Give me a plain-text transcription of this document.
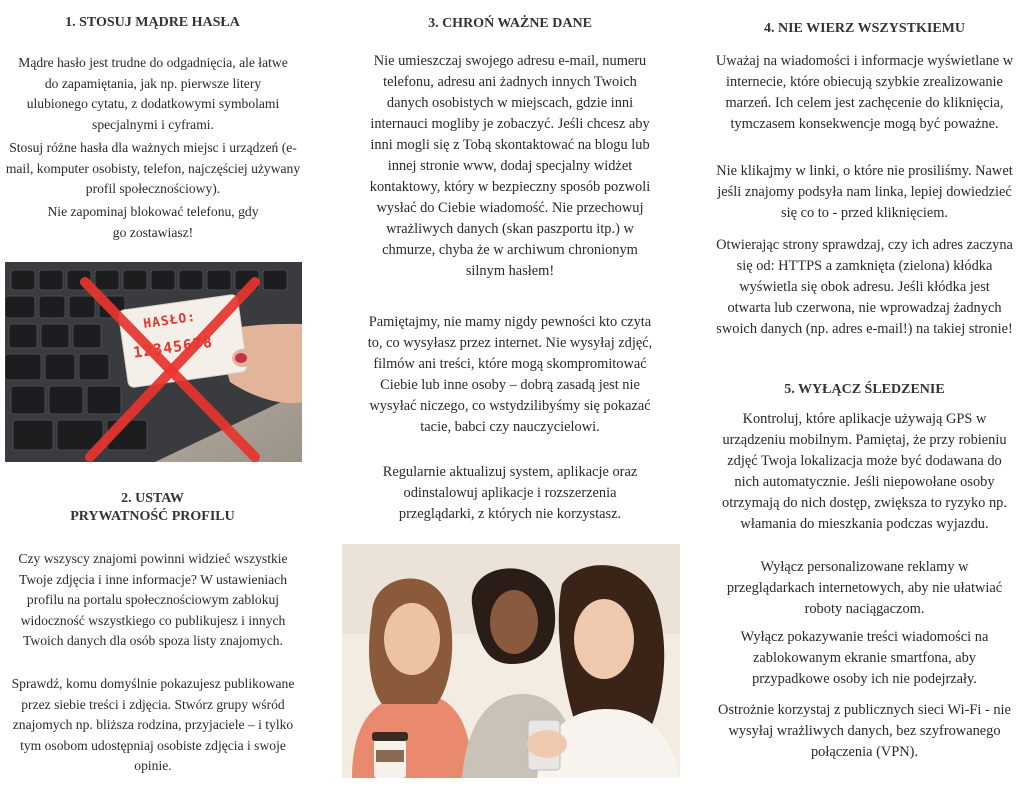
1. STOSUJ MĄDRE HASŁA

Mądre hasło jest trudne do odgadnięcia, ale łatwe do zapamiętania, jak np. pierwsze litery ulubionego cytatu, z dodatkowymi symbolami specjalnymi i cyframi.

Stosuj różne hasła dla ważnych miejsc i urządzeń (e-mail, komputer osobisty, telefon, najczęściej używany profil społecznościowy).

Nie zapominaj blokować telefonu, gdy go zostawiasz!

HASŁO:
12345678
2. USTAW
PRYWATNOŚĆ PROFILU

Czy wszyscy znajomi powinni widzieć wszystkie Twoje zdjęcia i inne informacje? W ustawieniach profilu na portalu społecznościowym zablokuj widoczność wszystkiego co publikujesz i innych Twoich danych dla osób spoza listy znajomych.

Sprawdź, komu domyślnie pokazujesz publikowane przez siebie treści i zdjęcia. Stwórz grupy wśród znajomych np. bliższa rodzina, przyjaciele – i tylko tym osobom udostępniaj osobiste zdjęcia i swoje opinie.

3. CHROŃ WAŻNE DANE

Nie umieszczaj swojego adresu e-mail, numeru telefonu, adresu ani żadnych innych Twoich danych osobistych w miejscach, gdzie inni internauci mogliby je zobaczyć. Jeśli chcesz aby inni mogli się z Tobą skontaktować na blogu lub innej stronie www, dodaj specjalny widżet kontaktowy, który w bezpieczny sposób pozwoli wysłać do Ciebie wiadomość. Nie przechowuj wrażliwych danych (skan paszportu itp.) w chmurze, chyba że w archiwum chronionym silnym hasłem!

Pamiętajmy, nie mamy nigdy pewności kto czyta to, co wysyłasz przez internet. Nie wysyłaj zdjęć, filmów ani treści, które mogą skompromitować Ciebie lub inne osoby – dobrą zasadą jest nie wysyłać niczego, co wstydzilibyśmy się pokazać tacie, babci czy nauczycielowi.

Regularnie aktualizuj system, aplikacje oraz odinstalowuj aplikacje i rozszerzenia przeglądarki, z których nie korzystasz.

4. NIE WIERZ WSZYSTKIEMU

Uważaj na wiadomości i informacje wyświetlane w internecie, które obiecują szybkie zrealizowanie marzeń. Ich celem jest zachęcenie do kliknięcia, tymczasem konsekwencje mogą być poważne.

Nie klikajmy w linki, o które nie prosiliśmy. Nawet jeśli znajomy podsyła nam linka, lepiej dowiedzieć się co to - przed kliknięciem.

Otwierając strony sprawdzaj, czy ich adres zaczyna się od: HTTPS a zamknięta (zielona) kłódka wyświetla się obok adresu. Jeśli kłódka jest otwarta lub czerwona, nie wprowadzaj żadnych swoich danych (np. adres e-mail!) na takiej stronie!

5. WYŁĄCZ ŚLEDZENIE

Kontroluj, które aplikacje używają GPS w urządzeniu mobilnym. Pamiętaj, że przy robieniu zdjęć Twoja lokalizacja może być dodawana do nich automatycznie. Jeśli niepowołane osoby otrzymają do nich dostęp, zwiększa to ryzyko np. włamania do mieszkania podczas wyjazdu.

Wyłącz personalizowane reklamy w przeglądarkach internetowych, aby nie ułatwiać roboty naciągaczom.

Wyłącz pokazywanie treści wiadomości na zablokowanym ekranie smartfona, aby przypadkowe osoby ich nie podejrzały.

Ostrożnie korzystaj z publicznych sieci Wi-Fi - nie wysyłaj wrażliwych danych, bez szyfrowanego połączenia (VPN).
